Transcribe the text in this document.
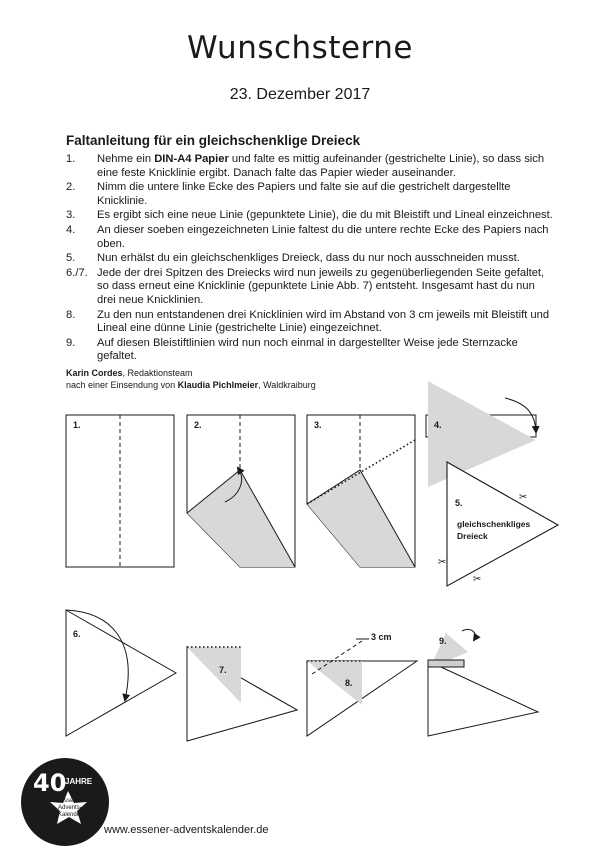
Wunschsterne
23. Dezember 2017
Faltanleitung für ein gleichschenklige Dreieck
1.	Nehme ein DIN-A4 Papier und falte es mittig aufeinander (gestrichelte Linie), so dass sich eine feste Knicklinie ergibt. Danach falte das Papier wieder auseinander.
2.	Nimm die untere linke Ecke des Papiers und falte sie auf die gestrichelt dargestellte Knicklinie.
3.	Es ergibt sich eine neue Linie (gepunktete Linie), die du mit Bleistift und Lineal einzeichnest.
4.	An dieser soeben eingezeichneten Linie faltest du die untere rechte Ecke des Papiers nach oben.
5.	Nun erhälst du ein gleichschenkliges Dreieck, dass du nur noch ausschneiden musst.
6./7. Jede der drei Spitzen des Dreiecks wird nun jeweils zu gegenüberliegenden Seite gefaltet, so dass erneut eine Knicklinie (gepunktete Linie Abb. 7) entsteht. Insgesamt hast du nun drei neue Knicklinien.
8.	Zu den nun entstandenen drei Knicklinien wird im Abstand von 3 cm jeweils mit Bleistift und Lineal eine dünne Linie (gestrichelte Linie) eingezeichnet.
9.	Auf diesen Bleistiftlinien wird nun noch einmal in dargestellter Weise jede Sternzacke gefaltet.
Karin Cordes, Redaktionsteam
nach einer Einsendung von Klaudia Pichlmeier, Waldkraiburg
✂
✂
✂
1.	2.	3.	4.
5.
6.
7.
8.
9.
gleichschenkliges
Dreieck
3 cm
40
JAHRE
Essener
Advents-
Kalender
www.essener-adventskalender.de
